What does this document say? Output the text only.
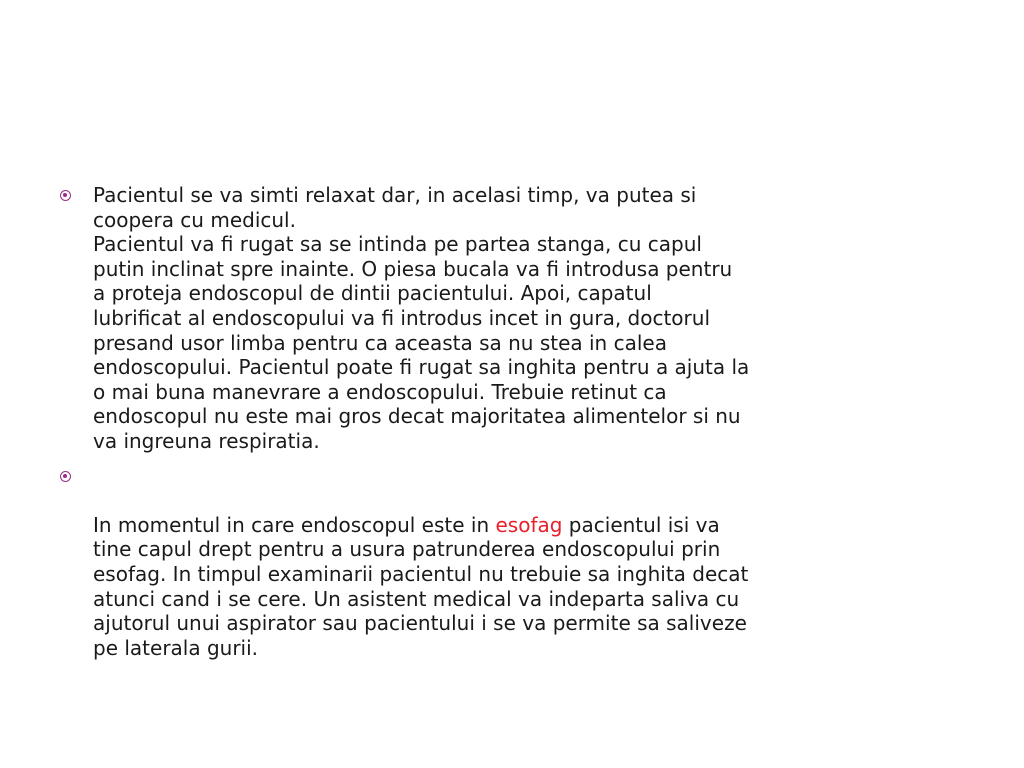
Pacientul se va simti relaxat dar, in acelasi timp, va putea si
coopera cu medicul.
Pacientul va fi rugat sa se intinda pe partea stanga, cu capul
putin inclinat spre inainte. O piesa bucala va fi introdusa pentru
a proteja endoscopul de dintii pacientului. Apoi, capatul
lubrificat al endoscopului va fi introdus incet in gura, doctorul
presand usor limba pentru ca aceasta sa nu stea in calea
endoscopului. Pacientul poate fi rugat sa inghita pentru a ajuta la
o mai buna manevrare a endoscopului. Trebuie retinut ca
endoscopul nu este mai gros decat majoritatea alimentelor si nu
va ingreuna respiratia.
In momentul in care endoscopul este in esofag pacientul isi va
tine capul drept pentru a usura patrunderea endoscopului prin
esofag. In timpul examinarii pacientul nu trebuie sa inghita decat
atunci cand i se cere. Un asistent medical va indeparta saliva cu
ajutorul unui aspirator sau pacientului i se va permite sa saliveze
pe laterala gurii.
